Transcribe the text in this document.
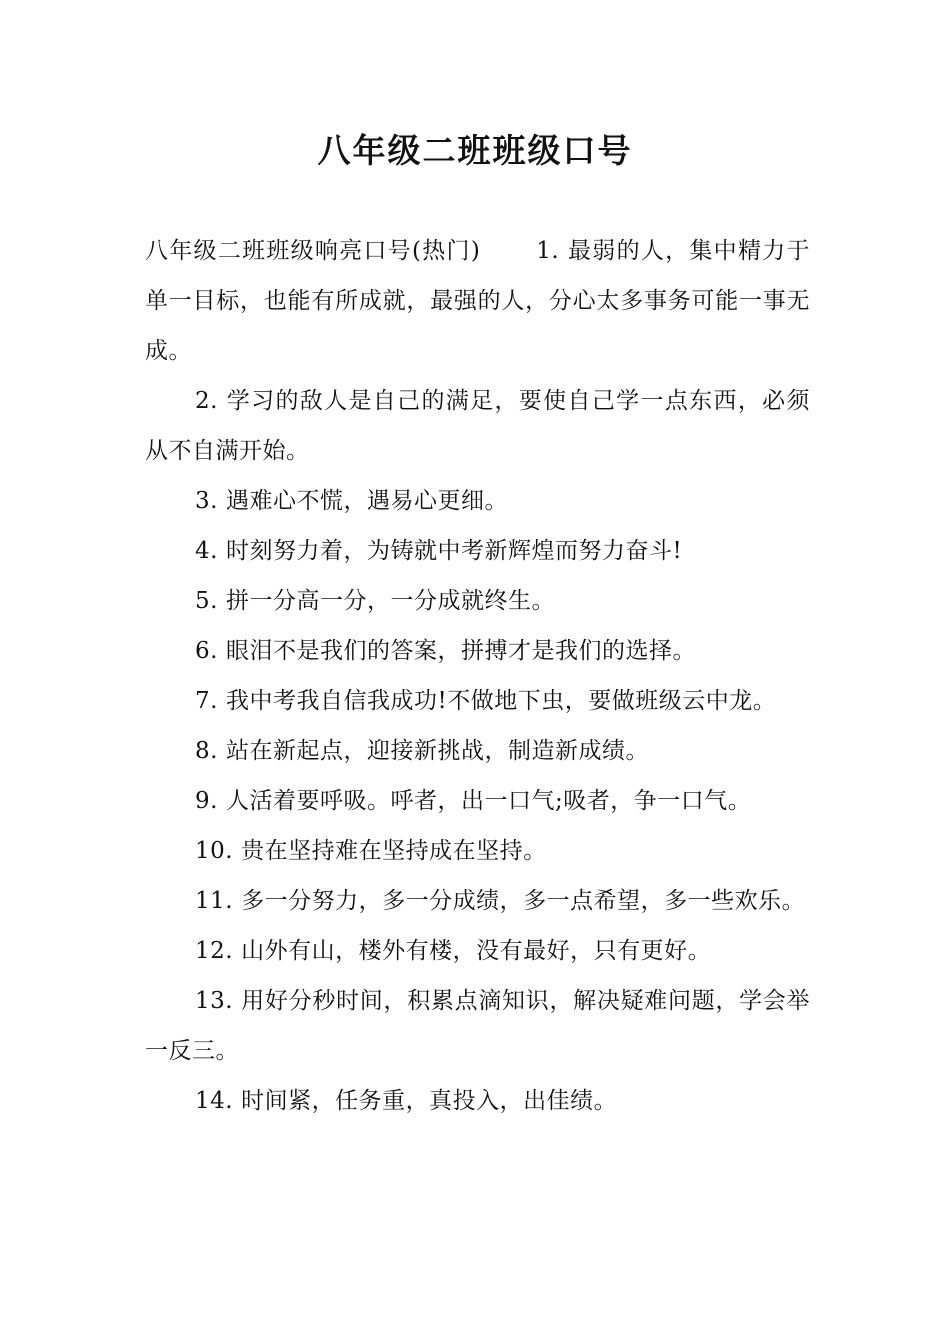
八年级二班班级口号

八年级二班班级响亮口号(热门) 1. 最弱的人，集中精力于单一目标，也能有所成就，最强的人，分心太多事务可能一事无成。

2. 学习的敌人是自己的满足，要使自己学一点东西，必须从不自满开始。

3. 遇难心不慌，遇易心更细。

4. 时刻努力着，为铸就中考新辉煌而努力奋斗!

5. 拼一分高一分，一分成就终生。

6. 眼泪不是我们的答案，拼搏才是我们的选择。

7. 我中考我自信我成功!不做地下虫，要做班级云中龙。

8. 站在新起点，迎接新挑战，制造新成绩。

9. 人活着要呼吸。呼者，出一口气;吸者，争一口气。

10. 贵在坚持难在坚持成在坚持。

11. 多一分努力，多一分成绩，多一点希望，多一些欢乐。

12. 山外有山，楼外有楼，没有最好，只有更好。

13. 用好分秒时间，积累点滴知识，解决疑难问题，学会举一反三。

14. 时间紧，任务重，真投入，出佳绩。
